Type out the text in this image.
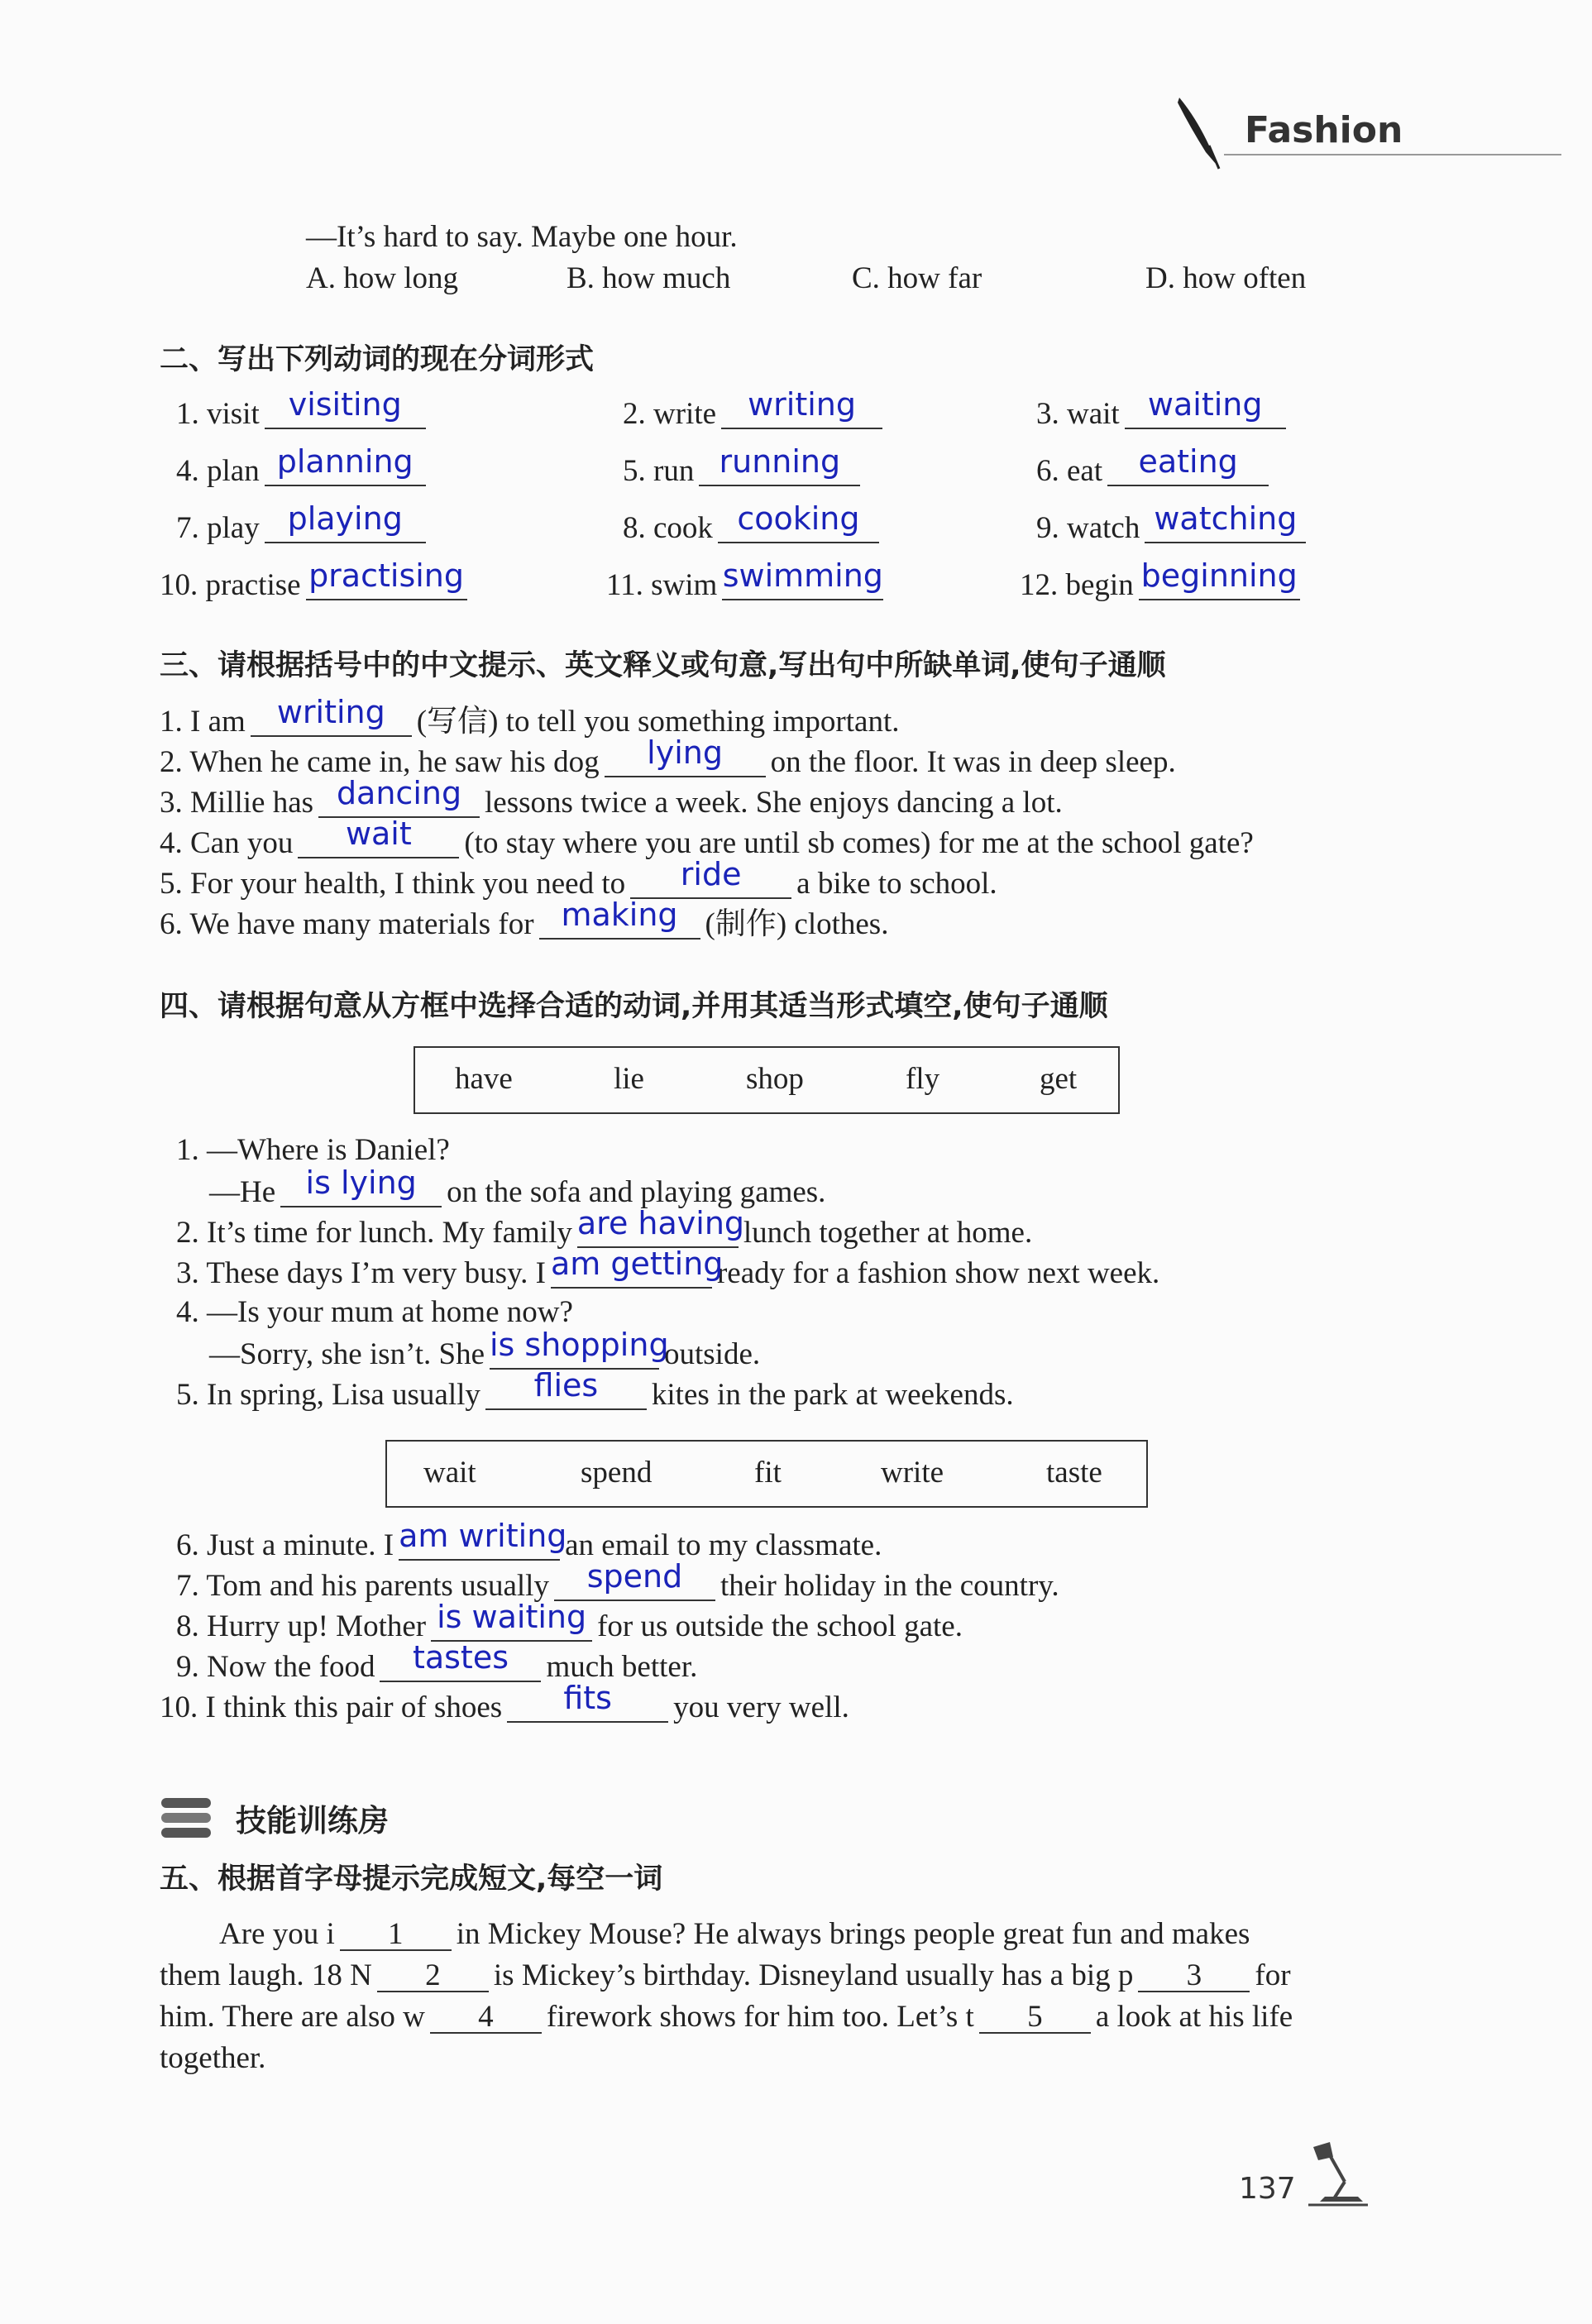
Fashion
—It’s hard to say. Maybe one hour.
A. how long	B. how much	C. how far	D. how often
二、写出下列动词的现在分词形式
1. visit visiting	2. write writing	3. wait waiting
4. plan planning	5. run running	6. eat eating
7. play playing	8. cook cooking	9. watch watching
10. practise practising	11. swim swimming	12. begin beginning
三、请根据括号中的中文提示、英文释义或句意,写出句中所缺单词,使句子通顺
1. I am writing (写信) to tell you something important.
2. When he came in, he saw his dog lying on the floor. It was in deep sleep.
3. Millie has dancing lessons twice a week. She enjoys dancing a lot.
4. Can you wait (to stay where you are until sb comes) for me at the school gate?
5. For your health, I think you need to ride a bike to school.
6. We have many materials for making (制作) clothes.
四、请根据句意从方框中选择合适的动词,并用其适当形式填空,使句子通顺
have	lie	shop	fly	get
1. —Where is Daniel?
—He is lying on the sofa and playing games.
2. It’s time for lunch. My family are havinglunch together at home.
3. These days I’m very busy. I am gettingready for a fashion show next week.
4. —Is your mum at home now?
—Sorry, she isn’t. She is shoppingoutside.
5. In spring, Lisa usually flies kites in the park at weekends.
wait	spend	fit	write	taste
6. Just a minute. I am writingan email to my classmate.
7. Tom and his parents usually spend their holiday in the country.
8. Hurry up! Mother is waiting for us outside the school gate.
9. Now the food tastes much better.
10. I think this pair of shoes fits you very well.
技能训练房
五、根据首字母提示完成短文,每空一词
Are you i 1 in Mickey Mouse? He always brings people great fun and makes
them laugh. 18 N 2 is Mickey’s birthday. Disneyland usually has a big p 3 for
him. There are also w 4 firework shows for him too. Let’s t 5 a look at his life
together.
137
